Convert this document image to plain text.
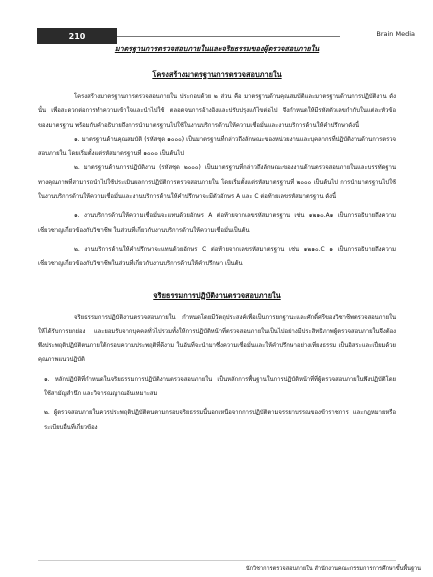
210	Brain Media
มาตรฐานการตรวจสอบภายในและจริยธรรมของผู้ตรวจสอบภายใน
โครงสร้างมาตรฐานการตรวจสอบภายใน

โครงสร้างมาตรฐานการตรวจสอบภายใน ประกอบด้วย ๒ ส่วน คือ มาตรฐานด้านคุณสมบัติและมาตรฐานด้านการปฏิบัติงาน ดังนั้น เพื่อสะดวกต่อการทำความเข้าใจและนำไปใช้ ตลอดจนการอ้างอิงและปรับปรุงแก้ไขต่อไป จึงกำหนดให้มีรหัสตัวเลขกำกับในแต่ละหัวข้อของมาตรฐาน พร้อมกับคำอธิบายถึงการนำมาตรฐานไปใช้ในงานบริการด้านให้ความเชื่อมั่นและงานบริการด้านให้คำปรึกษาดังนี้

๑. มาตรฐานด้านคุณสมบัติ (รหัสชุด ๑๐๐๐) เป็นมาตรฐานที่กล่าวถึงลักษณะของหน่วยงานและบุคลากรที่ปฏิบัติงานด้านการตรวจสอบภายใน โดยเริ่มตั้งแต่รหัสมาตรฐานที่ ๑๐๐๐ เป็นต้นไป

๒. มาตรฐานด้านการปฏิบัติงาน (รหัสชุด ๒๐๐๐) เป็นมาตรฐานที่กล่าวถึงลักษณะของงานด้านตรวจสอบภายในและบรรทัดฐานทางคุณภาพที่สามารถนำไปใช้ประเมินผลการปฏิบัติการตรวจสอบภายใน โดยเริ่มตั้งแต่รหัสมาตรฐานที่ ๒๐๐๐ เป็นต้นไป การนำมาตรฐานไปใช้ในงานบริการด้านให้ความเชื่อมั่นและงานบริการด้านให้คำปรึกษาจะมีตัวอักษร A และ C ต่อท้ายเลขรหัสมาตรฐาน ดังนี้

๑. งานบริการด้านให้ความเชื่อมั่นจะแทนด้วยอักษร A ต่อท้ายจากเลขรหัสมาตรฐาน เช่น ๑๒๑๐.A๑ เป็นการอธิบายถึงความเชี่ยวชาญเกี่ยวข้องกับวิชาชีพ ในส่วนที่เกี่ยวกับงานบริการด้านให้ความเชื่อมั่นเป็นต้น

๒. งานบริการด้านให้คำปรึกษาจะแทนด้วยอักษร C ต่อท้ายจากเลขรหัสมาตรฐาน เช่น ๑๒๑๐.C ๑ เป็นการอธิบายถึงความเชี่ยวชาญเกี่ยวข้องกับวิชาชีพในส่วนที่เกี่ยวกับงานบริการด้านให้คำปรึกษา เป็นต้น

จริยธรรมการปฏิบัติงานตรวจสอบภายใน

จริยธรรมการปฏิบัติงานตรวจสอบภายใน กำหนดโดยมีวัตถุประสงค์เพื่อเป็นการยกฐานะและศักดิ์ศรีของวิชาชีพตรวจสอบภายในให้ได้รับการยกย่อง และยอมรับจากบุคคลทั่วไปรวมทั้งให้การปฏิบัติหน้าที่ตรวจสอบภายในเป็นไปอย่างมีประสิทธิภาพผู้ตรวจสอบภายในจึงต้องพึงประพฤติปฏิบัติตนภายใต้กรอบความประพฤติที่ดีงาม ในอันที่จะนำมาซึ่งความเชื่อมั่นและให้คำปรึกษาอย่างเที่ยงธรรม เป็นอิสระและเปี่ยมด้วยคุณภาพแนวปฏิบัติ

๑. หลักปฏิบัติที่กำหนดในจริยธรรมการปฏิบัติงานตรวจสอบภายใน เป็นหลักการพื้นฐานในการปฏิบัติหน้าที่ที่ผู้ตรวจสอบภายในพึงปฏิบัติโดยใช้สามัญสำนึก และวิจารณญาณอันเหมาะสม

๒. ผู้ตรวจสอบภายในควรประพฤติปฏิบัติตนตามกรอบจริยธรรมนี้นอกเหนือจากการปฏิบัติตามจรรยาบรรณของข้าราชการ และกฎหมายหรือระเบียบอื่นที่เกี่ยวข้อง

นักวิชาการตรวจสอบภายใน สำนักงานคณะกรรมการการศึกษาขั้นพื้นฐาน
